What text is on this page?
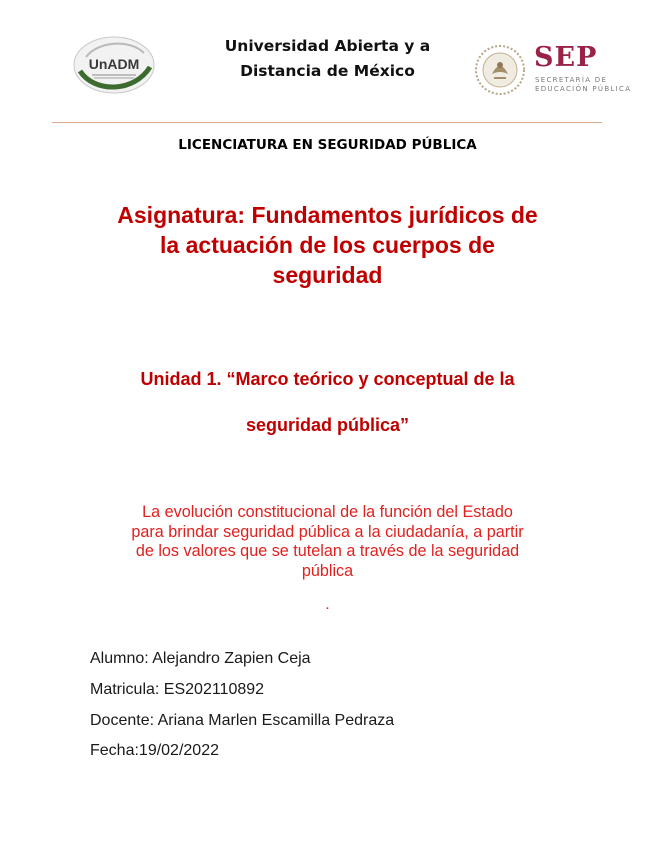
UnADM
Universidad Abierta y a
Distancia de México	SEP
SECRETARÍA DE
EDUCACIÓN PÚBLICA
LICENCIATURA EN SEGURIDAD PÚBLICA
Asignatura: Fundamentos jurídicos de
la actuación de los cuerpos de
seguridad
Unidad 1. “Marco teórico y conceptual de la
seguridad pública”
La evolución constitucional de la función del Estado
para brindar seguridad pública a la ciudadanía, a partir
de los valores que se tutelan a través de la seguridad
pública
.
Alumno: Alejandro Zapien Ceja
Matricula: ES202110892
Docente: Ariana Marlen Escamilla Pedraza
Fecha:19/02/2022
